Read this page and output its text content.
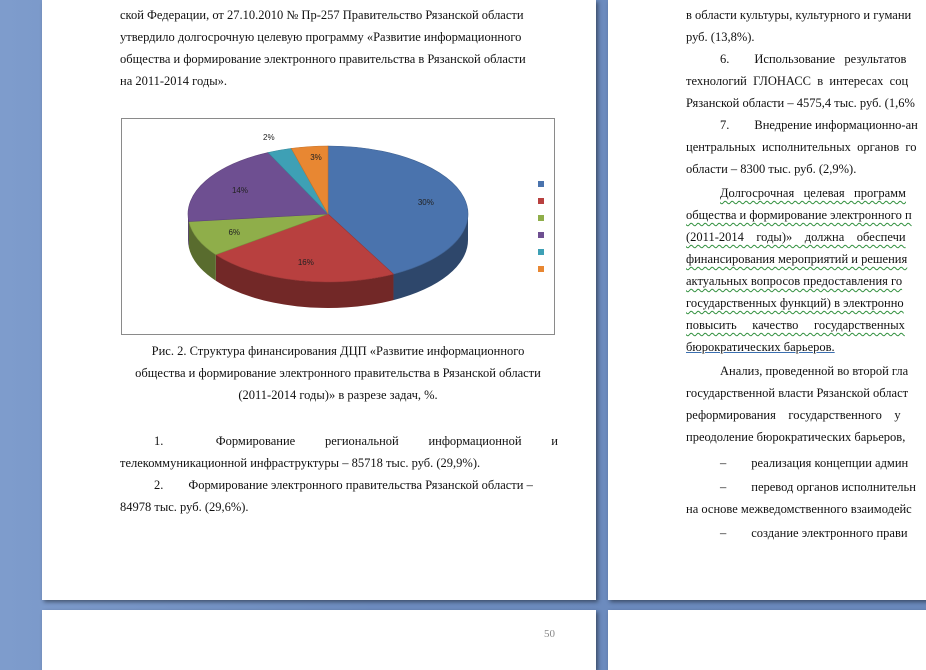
ской Федерации, от 27.10.2010 № Пр-257 Правительство Рязанской области
утвердило долгосрочную целевую программу «Развитие информационного
общества и формирование электронного правительства в Рязанской области
на 2011-2014 годы».
30%
16%
6%
14%
2%
3%
Рис. 2. Структура финансирования ДЦП «Развитие информационного
общества и формирование электронного правительства в Рязанской области
(2011-2014 годы)» в разрезе задач, %.
1.	Формирование региональной информационной и
телекоммуникационной инфраструктуры – 85718 тыс. руб. (29,9%).
2.        Формирование электронного правительства Рязанской области –
84978 тыс. руб. (29,6%).
в области культуры, культурного и гумани
руб. (13,8%).
6.        Использование   результатов
технологий  ГЛОНАСС  в  интересах  соц
Рязанской области – 4575,4 тыс. руб. (1,6%
7.        Внедрение информационно-ан
центральных  исполнительных  органов  го
области – 8300 тыс. руб. (2,9%).
Долгосрочная   целевая   программ
общества и формирование электронного п
(2011-2014    годы)»    должна    обеспечи
финансирования мероприятий и решения
актуальных вопросов предоставления го
государственных функций) в электронно
повысить     качество     государственных
бюрократических барьеров.
Анализ, проведенной во второй гла
государственной власти Рязанской област
реформирования    государственного    у
преодоление бюрократических барьеров,
–        реализация концепции админ
–        перевод органов исполнительн
на основе межведомственного взаимодейс
–        создание электронного прави
50
